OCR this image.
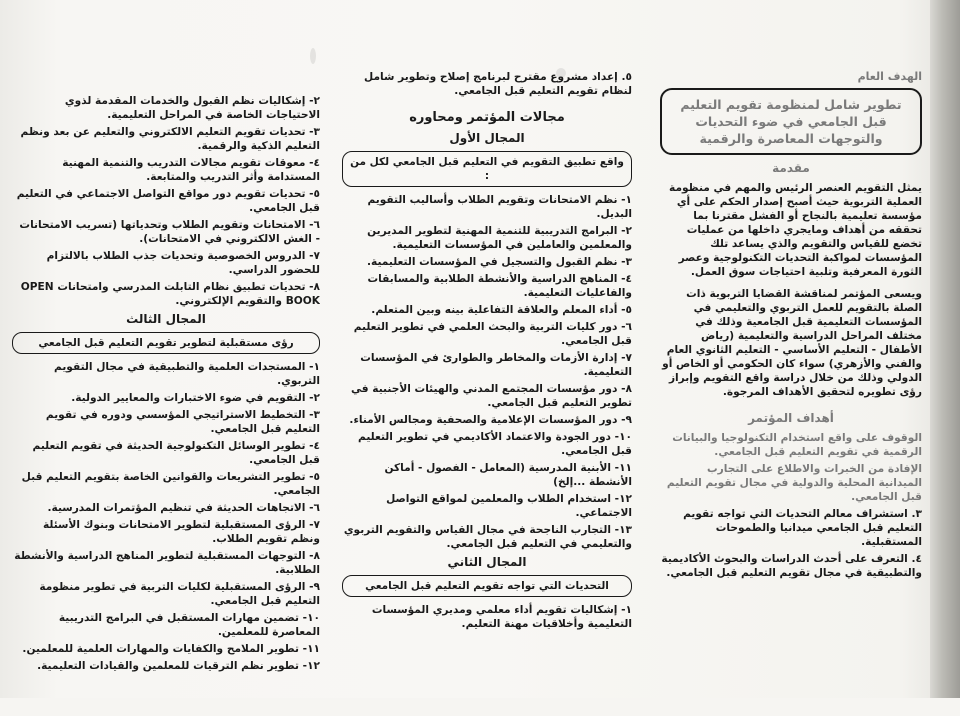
الهدف العام
تطوير شامل لمنظومة تقويم التعليم قبل الجامعي في ضوء التحديات والتوجهات المعاصرة والرقمية
مقدمة
يمثل التقويم العنصر الرئيس والمهم في منظومة العملية التربوية حيث أصبح إصدار الحكم على أي مؤسسة تعليمية بالنجاح أو الفشل مقترنا بما تحققه من أهداف ومايجري داخلها من عمليات تخضع للقياس والتقويم والذي يساعد تلك المؤسسات لمواكبة التحديات التكنولوجية وعصر الثورة المعرفية وتلبية احتياجات سوق العمل.
ويسعى المؤتمر لمناقشة القضايا التربوية ذات الصلة بالتقويم للعمل التربوي والتعليمي في المؤسسات التعليمية قبل الجامعية وذلك في مختلف المراحل الدراسية والتعليمية (رياض الأطفال - التعليم الأساسي - التعليم الثانوي العام والفني والأزهري) سواء كان الحكومي أو الخاص أو الدولي وذلك من خلال دراسة واقع التقويم وإبراز رؤى تطويره لتحقيق الأهداف المرجوة.
أهداف المؤتمر
الوقوف على واقع استخدام التكنولوجيا والبيانات الرقمية في تقويم التعليم قبل الجامعي.
الإفادة من الخبرات والاطلاع على التجارب الميدانية المحلية والدولية في مجال تقويم التعليم قبل الجامعي.
٣. استشراف معالم التحديات التي تواجه تقويم التعليم قبل الجامعي ميدانيا والطموحات المستقبلية.
٤. التعرف على أحدث الدراسات والبحوث الأكاديمية والتطبيقية في مجال تقويم التعليم قبل الجامعي.
٥. إعداد مشروع مقترح لبرنامج إصلاح وتطوير شامل لنظام تقويم التعليم قبل الجامعي.
مجالات المؤتمر ومحاوره
المجال الأول
واقع تطبيق التقويم في التعليم قبل الجامعي لكل من :
١- نظم الامتحانات وتقويم الطلاب وأساليب التقويم البديل.
٢- البرامج التدريبية للتنمية المهنية لتطوير المديرين والمعلمين والعاملين في المؤسسات التعليمية.
٣- نظم القبول والتسجيل في المؤسسات التعليمية.
٤- المناهج الدراسية والأنشطة الطلابية والمسابقات والفاعليات التعليمية.
٥- أداء المعلم والعلاقة التفاعلية بينه وبين المتعلم.
٦- دور كليات التربية والبحث العلمي في تطوير التعليم قبل الجامعي.
٧- إدارة الأزمات والمخاطر والطوارئ في المؤسسات التعليمية.
٨- دور مؤسسات المجتمع المدني والهيئات الأجنبية في تطوير التعليم قبل الجامعي.
٩- دور المؤسسات الإعلامية والصحفية ومجالس الأمناء.
١٠- دور الجودة والاعتماد الأكاديمي في تطوير التعليم قبل الجامعي.
١١- الأبنية المدرسية (المعامل - الفصول - أماكن الأنشطة ...إلخ)
١٢- استخدام الطلاب والمعلمين لمواقع التواصل الاجتماعي.
١٣- التجارب الناجحة في مجال القياس والتقويم التربوي والتعليمي في التعليم قبل الجامعي.
المجال الثاني
التحديات التي تواجه تقويم التعليم قبل الجامعي
١- إشكاليات تقويم أداء معلمي ومديري المؤسسات التعليمية وأخلاقيات مهنة التعليم.
٢- إشكاليات نظم القبول والخدمات المقدمة لذوي الاحتياجات الخاصة في المراحل التعليمية.
٣- تحديات تقويم التعليم الالكتروني والتعليم عن بعد ونظم التعليم الذكية والرقمية.
٤- معوقات تقويم مجالات التدريب والتنمية المهنية المستدامة وأثر التدريب والمتابعة.
٥- تحديات تقويم دور مواقع التواصل الاجتماعي في التعليم قبل الجامعي.
٦- الامتحانات وتقويم الطلاب وتحدياتها (تسريب الامتحانات - الغش الالكتروني في الامتحانات).
٧- الدروس الخصوصية وتحديات جذب الطلاب بالالتزام للحضور الدراسي.
٨- تحديات تطبيق نظام التابلت المدرسي وامتحانات OPEN BOOK والتقويم الإلكتروني.
المجال الثالث
رؤى مستقبلية لتطوير تقويم التعليم قبل الجامعي
١- المستجدات العلمية والتطبيقية في مجال التقويم التربوي.
٢- التقويم في ضوء الاختبارات والمعايير الدولية.
٣- التخطيط الاستراتيجي المؤسسي ودوره في تقويم التعليم قبل الجامعي.
٤- تطوير الوسائل التكنولوجية الحديثة في تقويم التعليم قبل الجامعي.
٥- تطوير التشريعات والقوانين الخاصة بتقويم التعليم قبل الجامعي.
٦- الاتجاهات الحديثة في تنظيم المؤتمرات المدرسية.
٧- الرؤى المستقبلية لتطوير الامتحانات وبنوك الأسئلة ونظم تقويم الطلاب.
٨- التوجهات المستقبلية لتطوير المناهج الدراسية والأنشطة الطلابية.
٩- الرؤى المستقبلية لكليات التربية في تطوير منظومة التعليم قبل الجامعي.
١٠- تضمين مهارات المستقبل في البرامج التدريبية المعاصرة للمعلمين.
١١- تطوير الملامح والكفايات والمهارات العلمية للمعلمين.
١٢- تطوير نظم الترقيات للمعلمين والقيادات التعليمية.
